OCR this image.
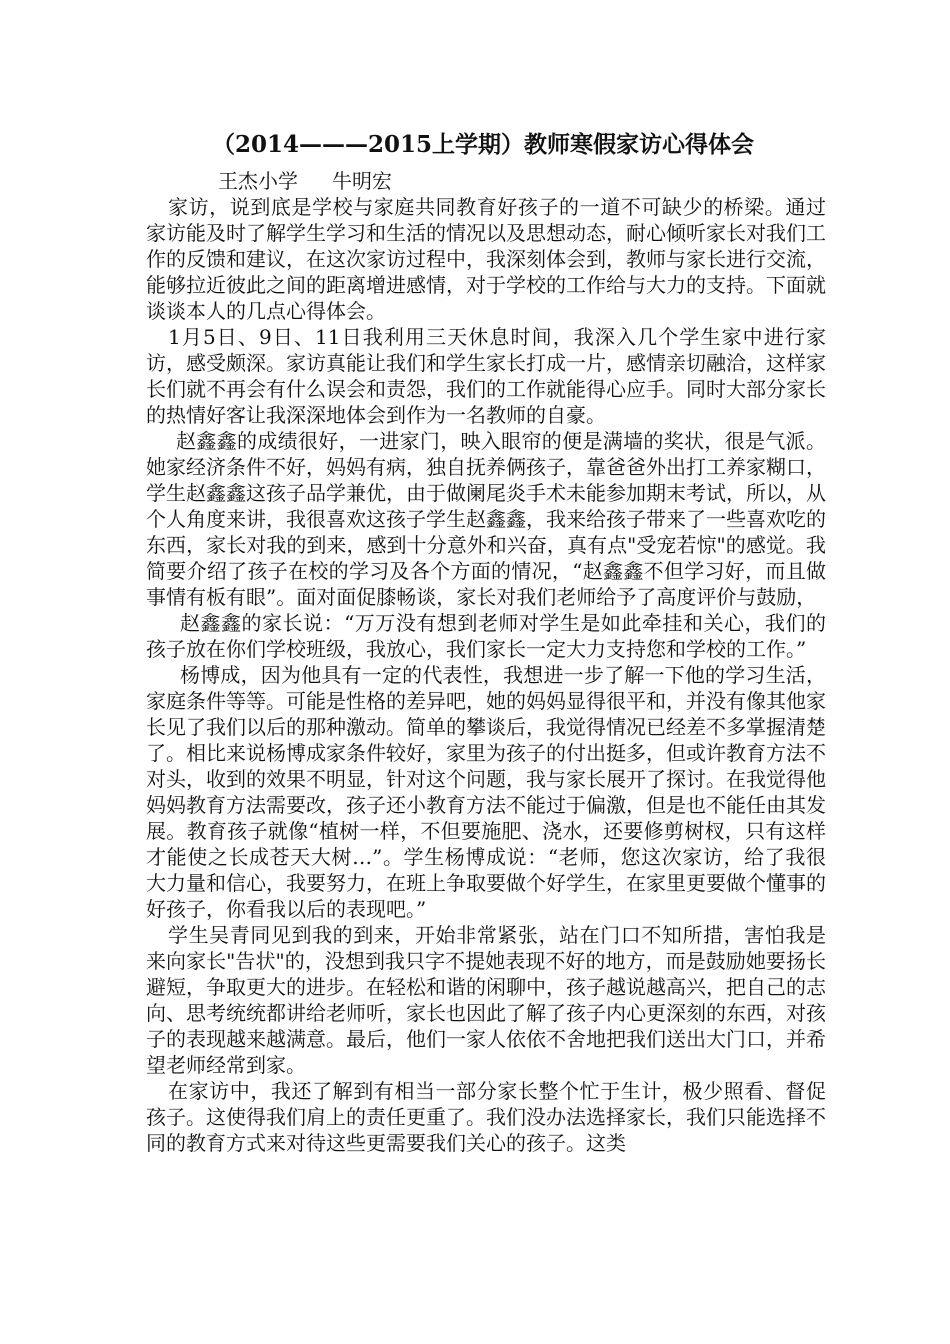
（2014———2015上学期）教师寒假家访心得体会

王杰小学 牛明宏

家访，说到底是学校与家庭共同教育好孩子的一道不可缺少的桥梁。通过家访能及时了解学生学习和生活的情况以及思想动态，耐心倾听家长对我们工作的反馈和建议，在这次家访过程中，我深刻体会到，教师与家长进行交流，能够拉近彼此之间的距离增进感情，对于学校的工作给与大力的支持。下面就谈谈本人的几点心得体会。

1月5日、9日、11日我利用三天休息时间，我深入几个学生家中进行家访，感受颇深。家访真能让我们和学生家长打成一片，感情亲切融洽，这样家长们就不再会有什么误会和责怨，我们的工作就能得心应手。同时大部分家长的热情好客让我深深地体会到作为一名教师的自豪。

赵鑫鑫的成绩很好，一进家门，映入眼帘的便是满墙的奖状，很是气派。她家经济条件不好，妈妈有病，独自抚养俩孩子，靠爸爸外出打工养家糊口，学生赵鑫鑫这孩子品学兼优，由于做阑尾炎手术未能参加期末考试，所以，从个人角度来讲，我很喜欢这孩子学生赵鑫鑫，我来给孩子带来了一些喜欢吃的东西，家长对我的到来，感到十分意外和兴奋，真有点"受宠若惊"的感觉。我简要介绍了孩子在校的学习及各个方面的情况，“赵鑫鑫不但学习好，而且做事情有板有眼”。面对面促膝畅谈，家长对我们老师给予了高度评价与鼓励，

赵鑫鑫的家长说：“万万没有想到老师对学生是如此牵挂和关心，我们的孩子放在你们学校班级，我放心，我们家长一定大力支持您和学校的工作。”

杨博成，因为他具有一定的代表性，我想进一步了解一下他的学习生活，家庭条件等等。可能是性格的差异吧，她的妈妈显得很平和，并没有像其他家长见了我们以后的那种激动。简单的攀谈后，我觉得情况已经差不多掌握清楚了。相比来说杨博成家条件较好，家里为孩子的付出挺多，但或许教育方法不对头，收到的效果不明显，针对这个问题，我与家长展开了探讨。在我觉得他妈妈教育方法需要改，孩子还小教育方法不能过于偏激，但是也不能任由其发展。教育孩子就像“植树一样，不但要施肥、浇水，还要修剪树杈，只有这样才能使之长成苍天大树…”。学生杨博成说：“老师，您这次家访，给了我很大力量和信心，我要努力，在班上争取要做个好学生，在家里更要做个懂事的好孩子，你看我以后的表现吧。”

学生吴青同见到我的到来，开始非常紧张，站在门口不知所措，害怕我是来向家长"告状"的，没想到我只字不提她表现不好的地方，而是鼓励她要扬长避短，争取更大的进步。在轻松和谐的闲聊中，孩子越说越高兴，把自己的志向、思考统统都讲给老师听，家长也因此了解了孩子内心更深刻的东西，对孩子的表现越来越满意。最后，他们一家人依依不舍地把我们送出大门口，并希望老师经常到家。

在家访中，我还了解到有相当一部分家长整个忙于生计，极少照看、督促孩子。这使得我们肩上的责任更重了。我们没办法选择家长，我们只能选择不同的教育方式来对待这些更需要我们关心的孩子。这类
